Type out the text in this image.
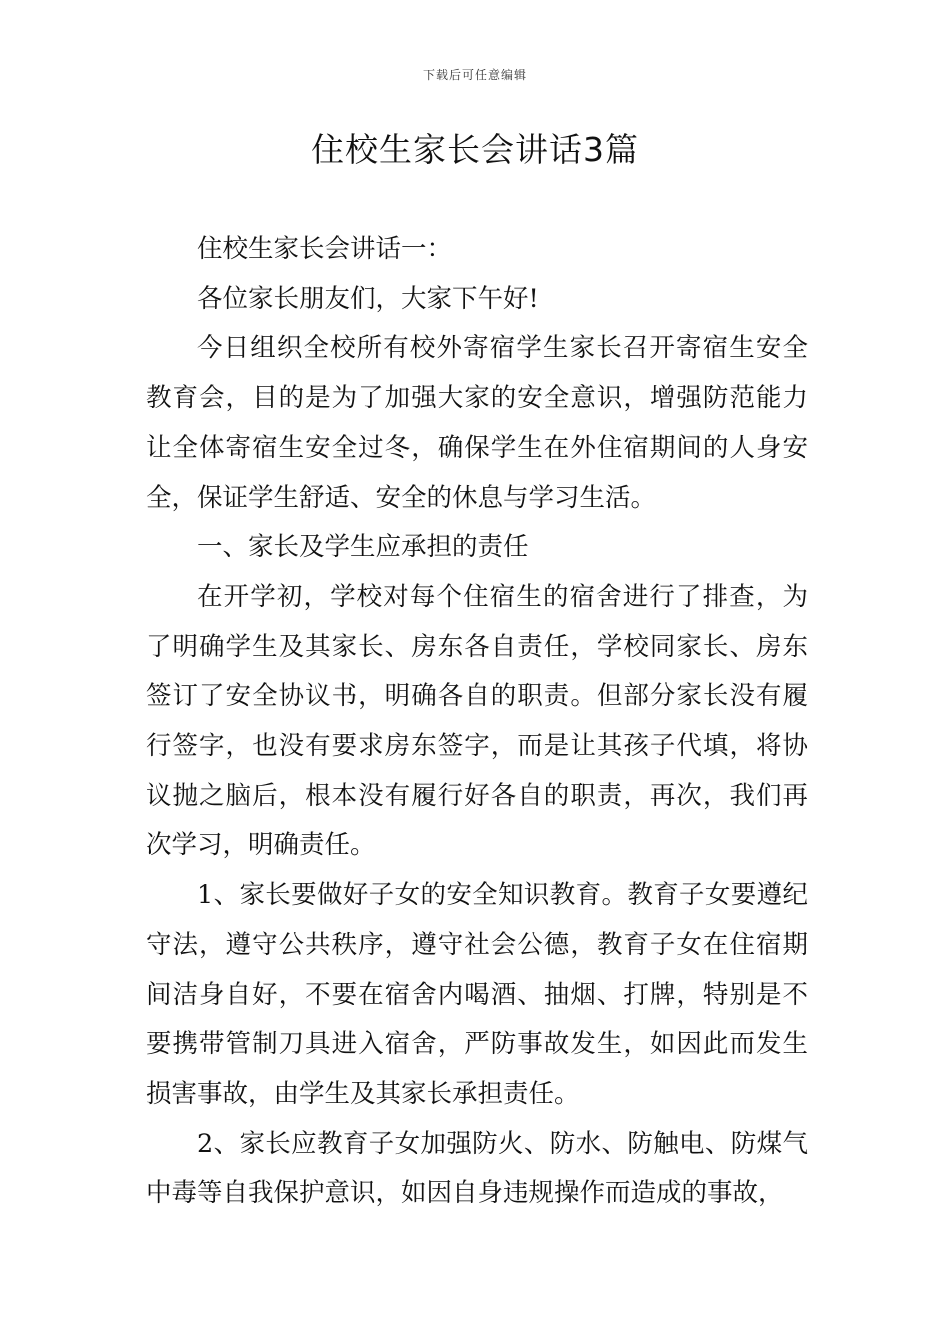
下载后可任意编辑
住校生家长会讲话3篇

住校生家长会讲话一：

各位家长朋友们，大家下午好!

今日组织全校所有校外寄宿学生家长召开寄宿生安全教育会，目的是为了加强大家的安全意识，增强防范能力让全体寄宿生安全过冬，确保学生在外住宿期间的人身安全，保证学生舒适、安全的休息与学习生活。

一、家长及学生应承担的责任

在开学初，学校对每个住宿生的宿舍进行了排查，为了明确学生及其家长、房东各自责任，学校同家长、房东签订了安全协议书，明确各自的职责。但部分家长没有履行签字，也没有要求房东签字，而是让其孩子代填，将协议抛之脑后，根本没有履行好各自的职责，再次，我们再次学习，明确责任。

1、家长要做好子女的安全知识教育。教育子女要遵纪守法，遵守公共秩序，遵守社会公德，教育子女在住宿期间洁身自好，不要在宿舍内喝酒、抽烟、打牌，特别是不要携带管制刀具进入宿舍，严防事故发生，如因此而发生损害事故，由学生及其家长承担责任。

2、家长应教育子女加强防火、防水、防触电、防煤气中毒等自我保护意识，如因自身违规操作而造成的事故，
